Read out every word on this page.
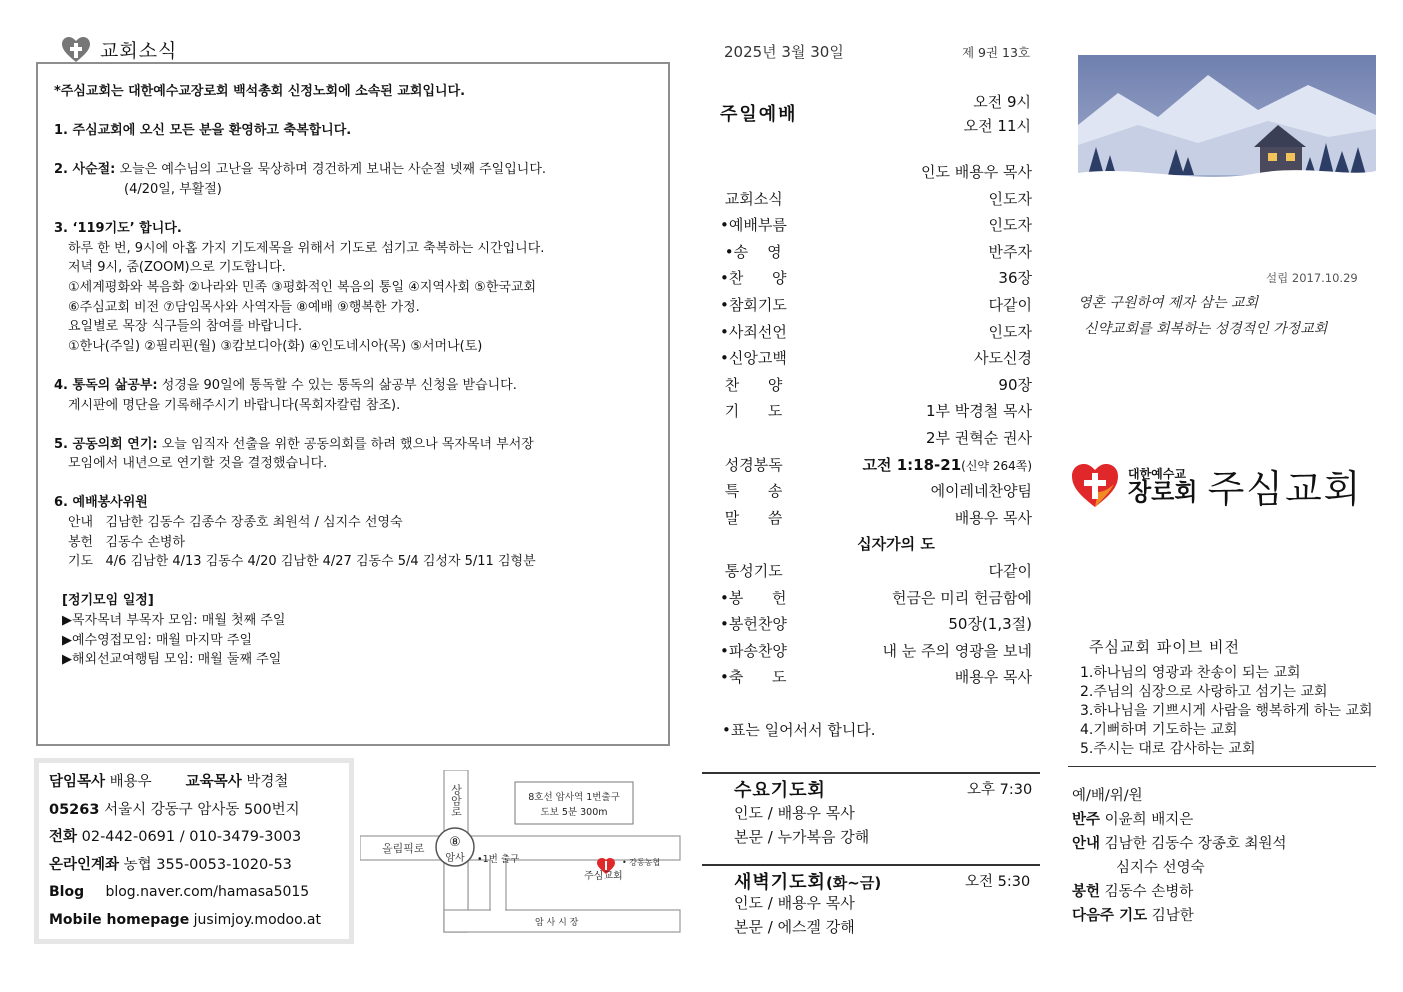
교회소식

*주심교회는 대한예수교장로회 백석총회 신정노회에 소속된 교회입니다.

1. 주심교회에 오신 모든 분을 환영하고 축복합니다.

2. 사순절: 오늘은 예수님의 고난을 묵상하며 경건하게 보내는 사순절 넷째 주일입니다.

(4/20일, 부활절)

3. ‘119기도’ 합니다.

하루 한 번, 9시에 아홉 가지 기도제목을 위해서 기도로 섬기고 축복하는 시간입니다.

저녁 9시, 줌(ZOOM)으로 기도합니다.

①세계평화와 복음화 ②나라와 민족 ③평화적인 복음의 통일 ④지역사회 ⑤한국교회

⑥주심교회 비전 ⑦담임목사와 사역자들 ⑧예배 ⑨행복한 가정.

요일별로 목장 식구들의 참여를 바랍니다.

①한나(주일) ②필리핀(월) ③캄보디아(화) ④인도네시아(목) ⑤서머나(토)

4. 통독의 삶공부: 성경을 90일에 통독할 수 있는 통독의 삶공부 신청을 받습니다.

게시판에 명단을 기록해주시기 바랍니다(목회자칼럼 참조).

5. 공동의회 연기: 오늘 임직자 선출을 위한 공동의회를 하려 했으나 목자목녀 부서장

모임에서 내년으로 연기할 것을 결정했습니다.

6. 예배봉사위원

안내   김남한 김동수 김종수 장종호 최원석 / 심지수 선영숙

봉헌   김동수 손병하

기도   4/6 김남한 4/13 김동수 4/20 김남한 4/27 김동수 5/4 김성자 5/11 김형분

[정기모임 일정]

▶목자목녀 부목자 모임: 매월 첫째 주일

▶예수영접모임: 매월 마지막 주일

▶해외선교여행팀 모임: 매월 둘째 주일

담임목사 배용우 교육목사 박경철
05263 서울시 강동구 암사동 500번지
전화 02-442-0691 / 010-3479-3003
온라인계좌 농협 355-0053-1020-53
Blog blog.naver.com/hamasa5015
Mobile homepage jusimjoy.modoo.at
상암로
올림픽로 ⑧
암사 •1번 출구
8호선 암사역 1번출구
도보 5분 300m
• 강동농협
주심교회
암 사 시 장
2025년 3월 30일	제 9권 13호
주일예배
오전 9시
오전 11시
인도 배용우 목사
교회소식	인도자
•예배부름	인도자
•송    영	반주자
•찬      양	36장
•참회기도	다같이
•사죄선언	인도자
•신앙고백	사도신경
찬      양	90장
기      도	1부 박경철 목사
2부 권혁순 권사
성경봉독	고전 1:18-21(신약 264쪽)
특      송	에이레네찬양팀
말      씀	배용우 목사
십자가의 도
통성기도	다같이
•봉      헌	헌금은 미리 헌금함에
•봉헌찬양	50장(1,3절)
•파송찬양	내 눈 주의 영광을 보네
•축      도	배용우 목사
•표는 일어서서 합니다.
수요기도회	오후 7:30
인도 / 배용우 목사
본문 / 누가복음 강해
새벽기도회(화~금)	오전 5:30
인도 / 배용우 목사
본문 / 에스겔 강해
설립 2017.10.29
영혼 구원하여 제자 삼는 교회
신약교회를 회복하는 성경적인 가정교회
대한예수교
장로회 주심교회
주심교회 파이브 비전
1.하나님의 영광과 찬송이 되는 교회
2.주님의 심장으로 사랑하고 섬기는 교회
3.하나님을 기쁘시게 사람을 행복하게 하는 교회
4.기뻐하며 기도하는 교회
5.주시는 대로 감사하는 교회
예/배/위/원
반주 이윤희 배지은
안내 김남한 김동수 장종호 최원석
심지수 선영숙
봉헌 김동수 손병하
다음주 기도 김남한
